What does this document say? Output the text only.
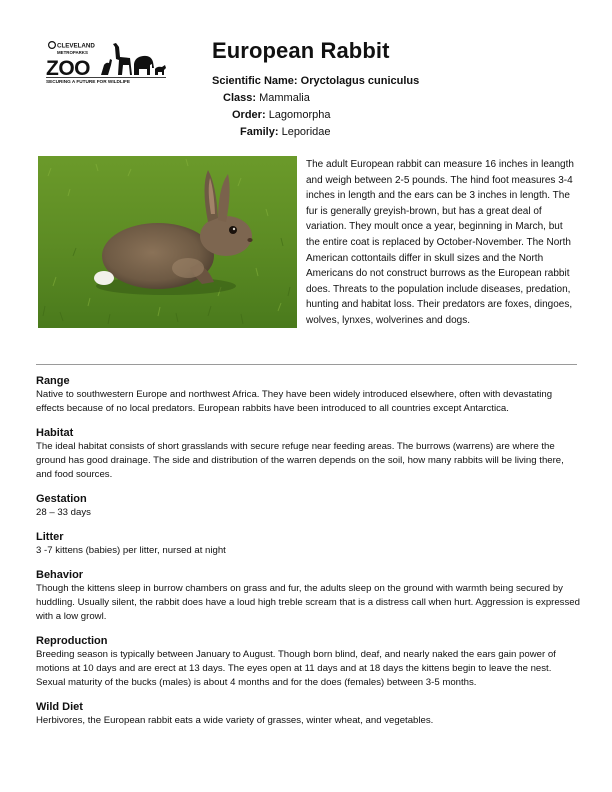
CLEVELAND
METROPARKS
ZOO
SECURING A FUTURE FOR WILDLIFE
European Rabbit
Scientific Name: Oryctolagus cuniculus
Class: Mammalia
Order: Lagomorpha
Family: Leporidae

The adult European rabbit can measure 16 inches in leangth and weigh between 2-5 pounds. The hind foot measures 3-4 inches in length and the ears can be 3 inches in length. The fur is generally greyish-brown, but has a great deal of variation. They moult once a year, beginning in March, but the entire coat is replaced by October-November. The North American cottontails differ in skull sizes and the North Americans do not construct burrows as the European rabbit does. Threats to the population include diseases, predation, hunting and habitat loss. Their predators are foxes, dingoes, wolves, lynxes, wolverines and dogs.

Range

Native to southwestern Europe and northwest Africa. They have been widely introduced elsewhere, often with devastating effects because of no local predators. European rabbits have been introduced to all countries except Antarctica.

Habitat

The ideal habitat consists of short grasslands with secure refuge near feeding areas. The burrows (warrens) are where the ground has good drainage. The side and distribution of the warren depends on the soil, how many rabbits will be living there, and food sources.

Gestation

28 – 33 days

Litter

3 -7 kittens (babies) per litter, nursed at night

Behavior

Though the kittens sleep in burrow chambers on grass and fur, the adults sleep on the ground with warmth being secured by huddling. Usually silent, the rabbit does have a loud high treble scream that is a distress call when hurt. Aggression is expressed with a low growl.

Reproduction

Breeding season is typically between January to August. Though born blind, deaf, and nearly naked the ears gain power of motions at 10 days and are erect at 13 days. The eyes open at 11 days and at 18 days the kittens begin to leave the nest. Sexual maturity of the bucks (males) is about 4 months and for the does (females) between 3-5 months.

Wild Diet

Herbivores, the European rabbit eats a wide variety of grasses, winter wheat, and vegetables.
